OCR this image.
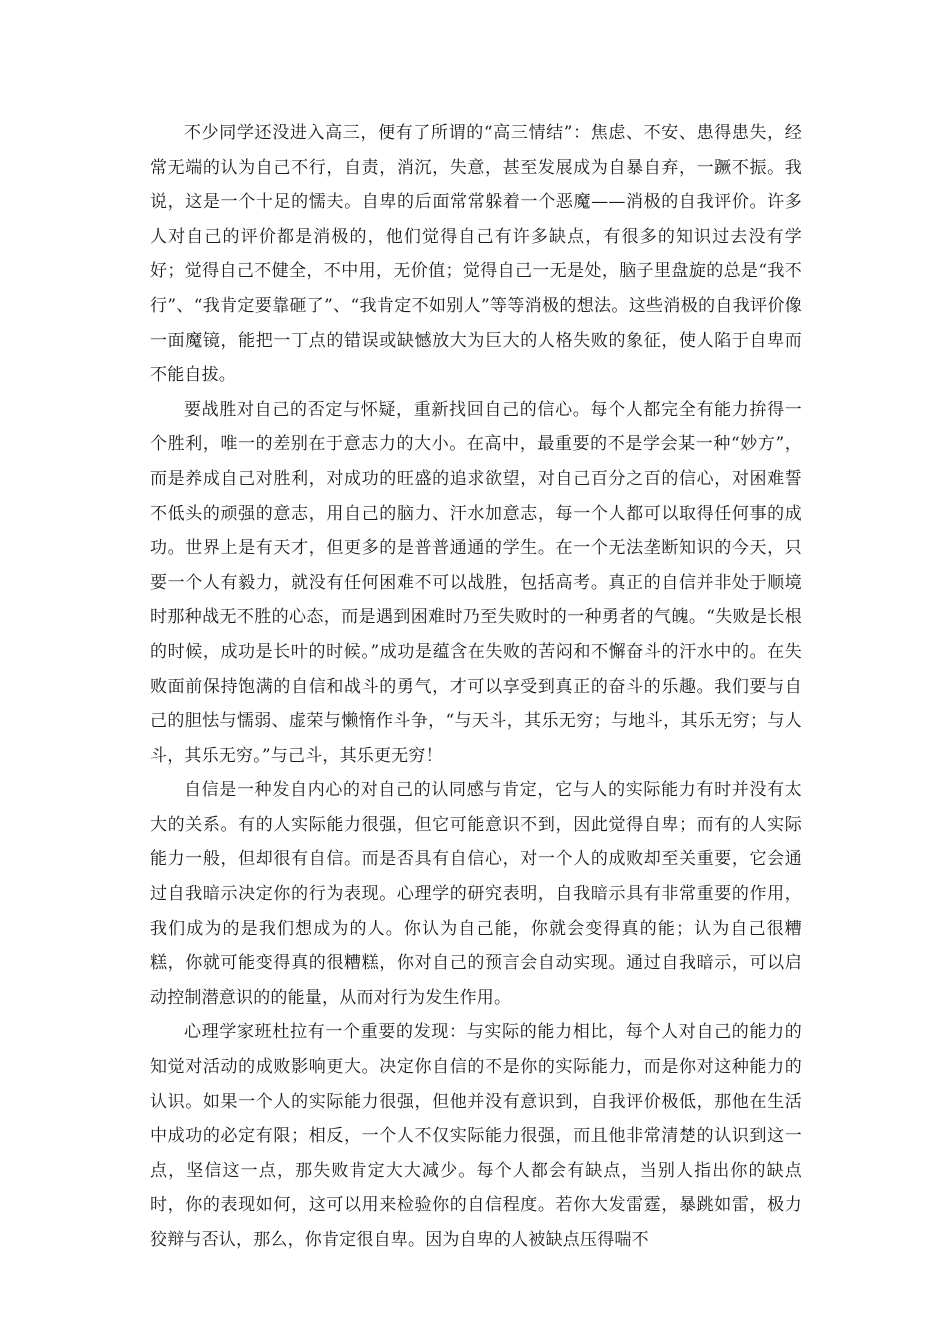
不少同学还没进入高三，便有了所谓的“高三情结”：焦虑、不安、患得患失，经常无端的认为自己不行，自责，消沉，失意，甚至发展成为自暴自弃，一蹶不振。我说，这是一个十足的懦夫。自卑的后面常常躲着一个恶魔——消极的自我评价。许多人对自己的评价都是消极的，他们觉得自己有许多缺点，有很多的知识过去没有学好；觉得自己不健全，不中用，无价值；觉得自己一无是处，脑子里盘旋的总是“我不行”、“我肯定要靠砸了”、“我肯定不如别人”等等消极的想法。这些消极的自我评价像一面魔镜，能把一丁点的错误或缺憾放大为巨大的人格失败的象征，使人陷于自卑而不能自拔。

要战胜对自己的否定与怀疑，重新找回自己的信心。每个人都完全有能力拚得一个胜利，唯一的差别在于意志力的大小。在高中，最重要的不是学会某一种“妙方”，而是养成自己对胜利，对成功的旺盛的追求欲望，对自己百分之百的信心，对困难誓不低头的顽强的意志，用自己的脑力、汗水加意志，每一个人都可以取得任何事的成功。世界上是有天才，但更多的是普普通通的学生。在一个无法垄断知识的今天，只要一个人有毅力，就没有任何困难不可以战胜，包括高考。真正的自信并非处于顺境时那种战无不胜的心态，而是遇到困难时乃至失败时的一种勇者的气魄。“失败是长根的时候，成功是长叶的时候。”成功是蕴含在失败的苦闷和不懈奋斗的汗水中的。在失败面前保持饱满的自信和战斗的勇气，才可以享受到真正的奋斗的乐趣。我们要与自己的胆怯与懦弱、虚荣与懒惰作斗争，“与天斗，其乐无穷；与地斗，其乐无穷；与人斗，其乐无穷。”与己斗，其乐更无穷！

自信是一种发自内心的对自己的认同感与肯定，它与人的实际能力有时并没有太大的关系。有的人实际能力很强，但它可能意识不到，因此觉得自卑；而有的人实际能力一般，但却很有自信。而是否具有自信心，对一个人的成败却至关重要，它会通过自我暗示决定你的行为表现。心理学的研究表明，自我暗示具有非常重要的作用，我们成为的是我们想成为的人。你认为自己能，你就会变得真的能；认为自己很糟糕，你就可能变得真的很糟糕，你对自己的预言会自动实现。通过自我暗示，可以启动控制潜意识的的能量，从而对行为发生作用。

心理学家班杜拉有一个重要的发现：与实际的能力相比，每个人对自己的能力的知觉对活动的成败影响更大。决定你自信的不是你的实际能力，而是你对这种能力的认识。如果一个人的实际能力很强，但他并没有意识到，自我评价极低，那他在生活中成功的必定有限；相反，一个人不仅实际能力很强，而且他非常清楚的认识到这一点，坚信这一点，那失败肯定大大减少。每个人都会有缺点，当别人指出你的缺点时，你的表现如何，这可以用来检验你的自信程度。若你大发雷霆，暴跳如雷，极力狡辩与否认，那么，你肯定很自卑。因为自卑的人被缺点压得喘不
